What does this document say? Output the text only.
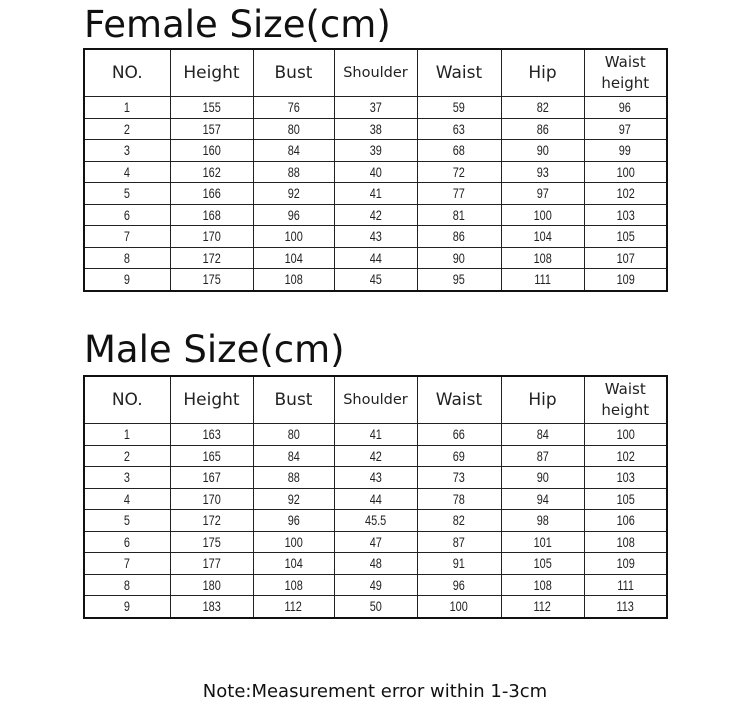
Female Size(cm)
NO.	Height	Bust	Shoulder	Waist	Hip	Waist height
1	155	76	37	59	82	96
2	157	80	38	63	86	97
3	160	84	39	68	90	99
4	162	88	40	72	93	100
5	166	92	41	77	97	102
6	168	96	42	81	100	103
7	170	100	43	86	104	105
8	172	104	44	90	108	107
9	175	108	45	95	111	109
Male Size(cm)
NO.	Height	Bust	Shoulder	Waist	Hip	Waist height
1	163	80	41	66	84	100
2	165	84	42	69	87	102
3	167	88	43	73	90	103
4	170	92	44	78	94	105
5	172	96	45.5	82	98	106
6	175	100	47	87	101	108
7	177	104	48	91	105	109
8	180	108	49	96	108	111
9	183	112	50	100	112	113
Note:Measurement error within 1-3cm
